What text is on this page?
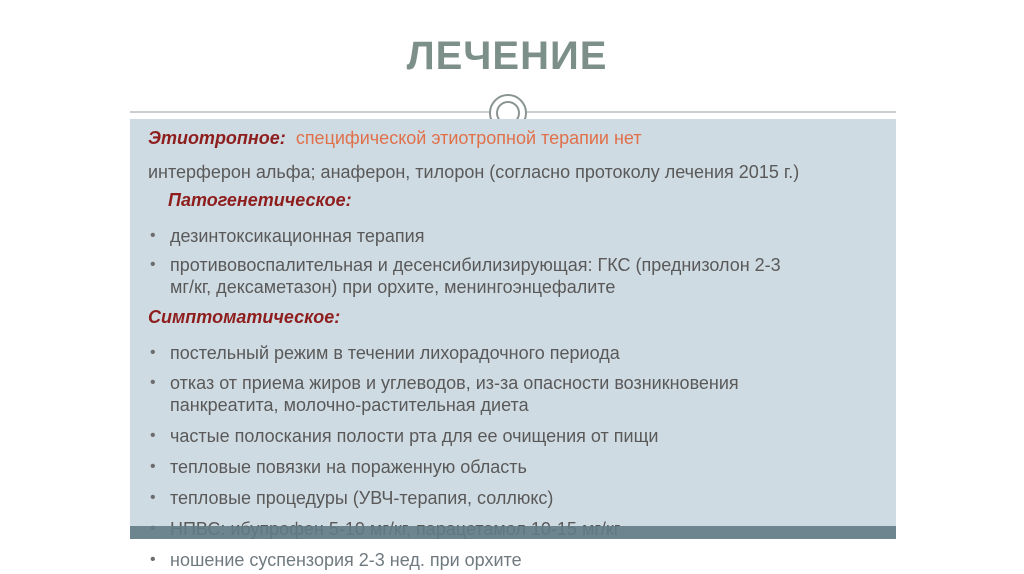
ЛЕЧЕНИЕ

Этиотропное: специфической этиотропной терапии нет

интерферон альфа; анаферон, тилорон (согласно протоколу лечения 2015 г.)

Патогенетическое:

• дезинтоксикационная терапия
• противовоспалительная и десенсибилизирующая: ГКС (преднизолон 2-3
мг/кг, дексаметазон) при орхите, менингоэнцефалите

Симптоматическое:

• постельный режим в течении лихорадочного периода
• отказ от приема жиров и углеводов, из-за опасности возникновения
панкреатита, молочно-растительная диета
• частые полоскания полости рта для ее очищения от пищи
• тепловые повязки на пораженную область
• тепловые процедуры (УВЧ-терапия, соллюкс)
• ношение суспензория 2-3 нед. при орхите
